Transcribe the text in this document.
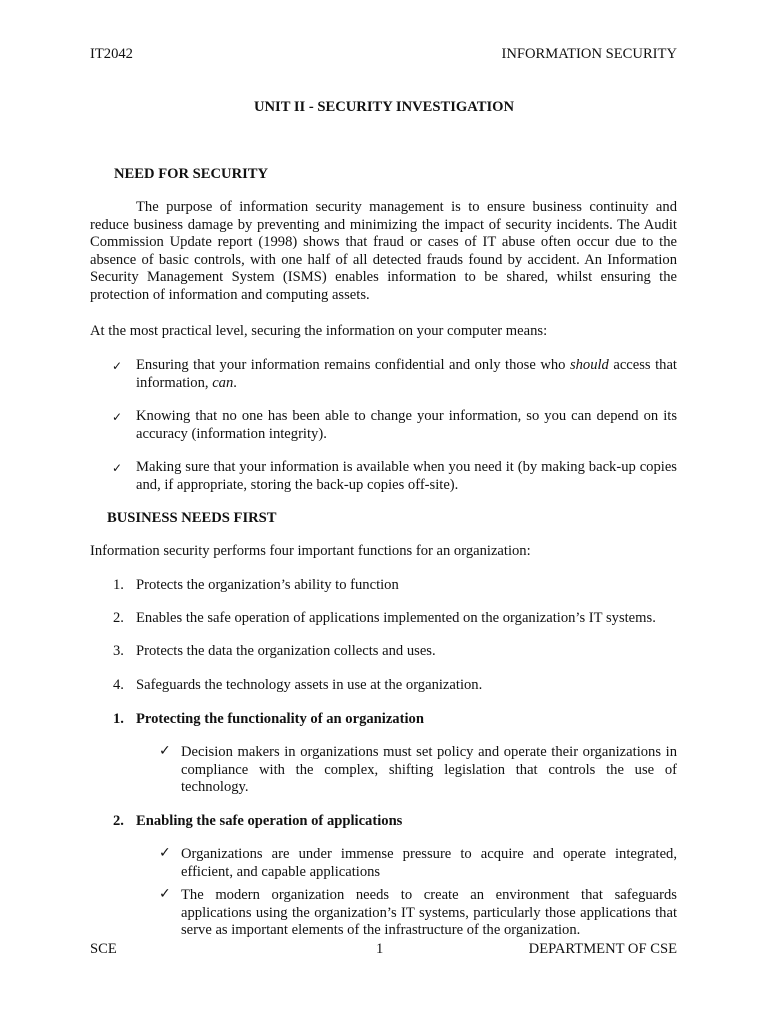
IT2042	INFORMATION SECURITY
UNIT II - SECURITY INVESTIGATION
NEED FOR SECURITY
The purpose of information security management is to ensure business continuity and reduce business damage by preventing and minimizing the impact of security incidents. The Audit Commission Update report (1998) shows that fraud or cases of IT abuse often occur due to the absence of basic controls, with one half of all detected frauds found by accident. An Information Security Management System (ISMS) enables information to be shared, whilst ensuring the protection of information and computing assets.
At the most practical level, securing the information on your computer means:
✓ Ensuring that your information remains confidential and only those who should access that information, can.
✓ Knowing that no one has been able to change your information, so you can depend on its accuracy (information integrity).
✓ Making sure that your information is available when you need it (by making back-up copies and, if appropriate, storing the back-up copies off-site).
BUSINESS NEEDS FIRST
Information security performs four important functions for an organization:
1. Protects the organization’s ability to function
2. Enables the safe operation of applications implemented on the organization’s IT systems.
3. Protects the data the organization collects and uses.
4. Safeguards the technology assets in use at the organization.
1. Protecting the functionality of an organization
✓ Decision makers in organizations must set policy and operate their organizations in compliance with the complex, shifting legislation that controls the use of technology.
2. Enabling the safe operation of applications
✓ Organizations are under immense pressure to acquire and operate integrated, efficient, and capable applications
✓ The modern organization needs to create an environment that safeguards applications using the organization’s IT systems, particularly those applications that serve as important elements of the infrastructure of the organization.
SCE	1	DEPARTMENT OF CSE
